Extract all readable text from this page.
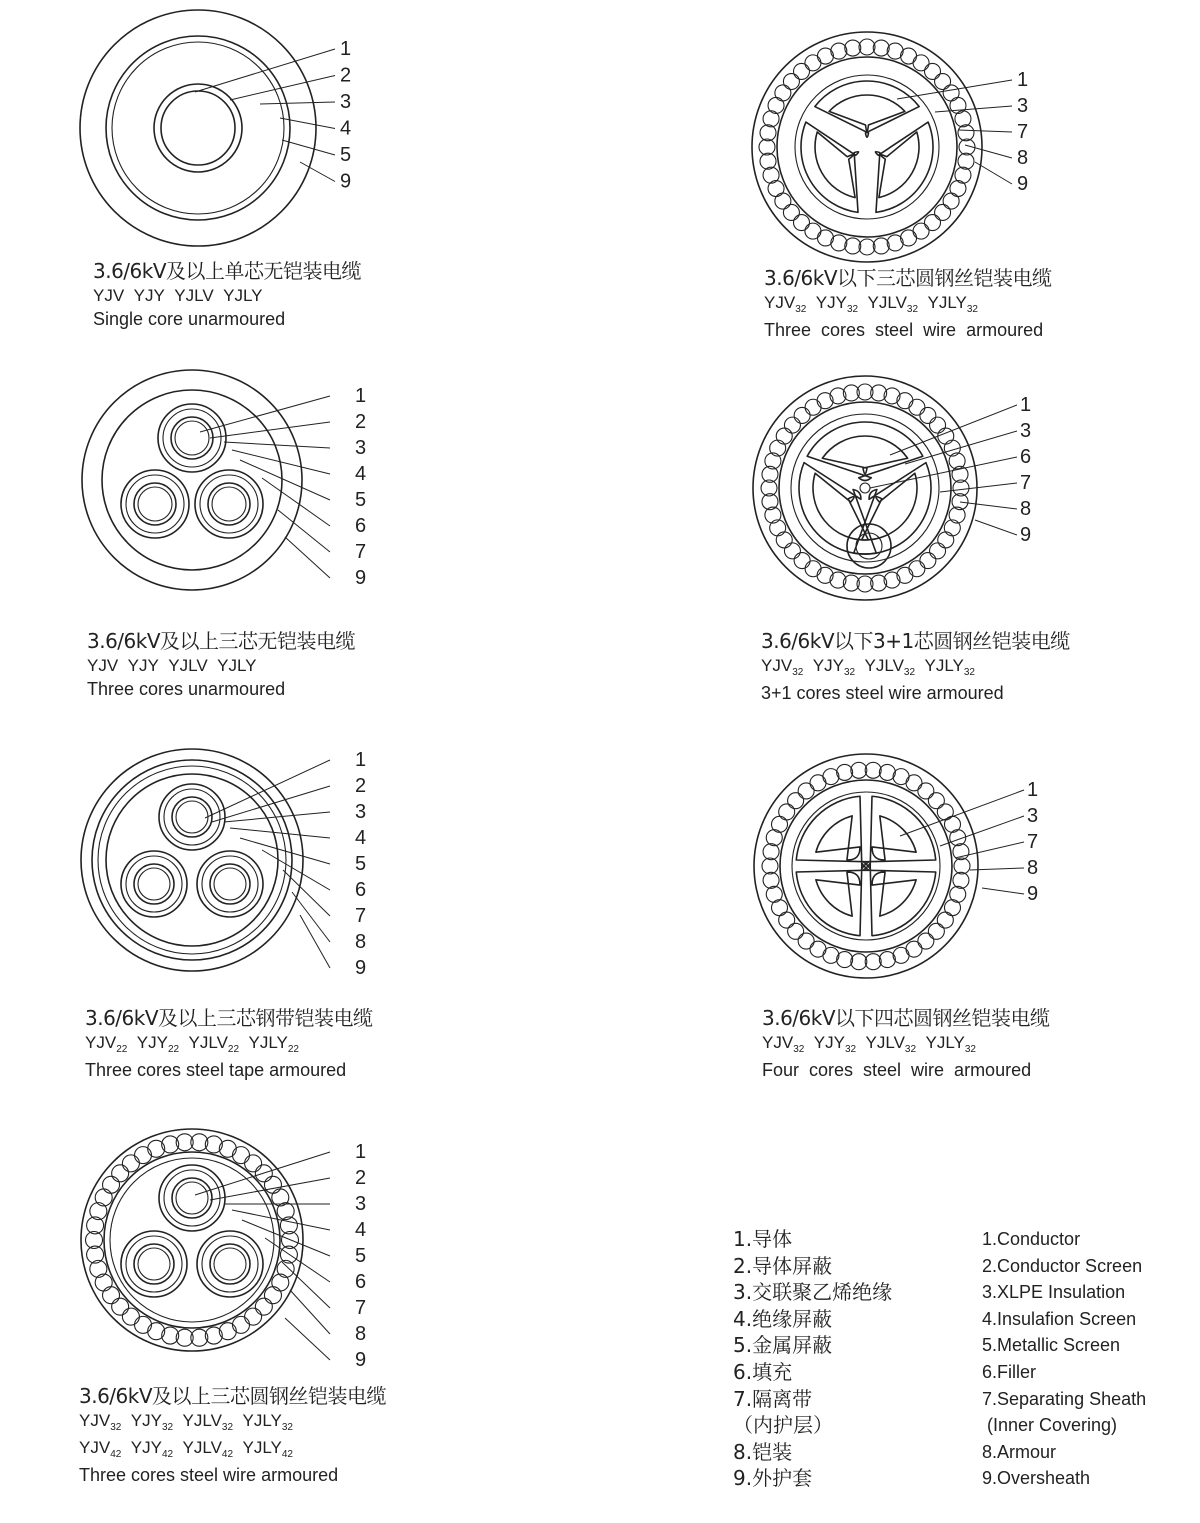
1
2
3
4
5
9
1
3
7
8
9
1
2
3
4
5
6
7
9
1
3
6
7
8
9
1
2
3
4
5
6
7
8
9
1
3
7
8
9
1
2
3
4
5
6
7
8
9
3.6/6kV及以上单芯无铠装电缆
YJV YJY YJLV YJLY
Single core unarmoured
3.6/6kV以下三芯圆钢丝铠装电缆
$YJV_{32}$ $YJY_{32}$ $YJLV_{32}$ $YJLY_{32}$
Three  cores  steel  wire  armoured
3.6/6kV及以上三芯无铠装电缆
YJV YJY YJLV YJLY
Three cores unarmoured
3.6/6kV以下3+1芯圆钢丝铠装电缆
$YJV_{32}$ $YJY_{32}$ $YJLV_{32}$ $YJLY_{32}$
3+1 cores steel wire armoured
3.6/6kV及以上三芯钢带铠装电缆
$YJV_{22}$ $YJY_{22}$ $YJLV_{22}$ $YJLY_{22}$
Three cores steel tape armoured
3.6/6kV以下四芯圆钢丝铠装电缆
$YJV_{32}$ $YJY_{32}$ $YJLV_{32}$ $YJLY_{32}$
Four  cores  steel  wire  armoured
3.6/6kV及以上三芯圆钢丝铠装电缆
$YJV_{32}$ $YJY_{32}$ $YJLV_{32}$ $YJLY_{32}$
$YJV_{42}$ $YJY_{42}$ $YJLV_{42}$ $YJLY_{42}$
Three cores steel wire armoured
1.导体
2.导体屏蔽
3.交联聚乙烯绝缘
4.绝缘屏蔽
5.金属屏蔽
6.填充
7.隔离带
（内护层）
8.铠装
9.外护套
1.Conductor
2.Conductor Screen
3.XLPE Insulation
4.Insulafion Screen
5.Metallic Screen
6.Filler
7.Separating Sheath
(Inner Covering)
8.Armour
9.Oversheath
